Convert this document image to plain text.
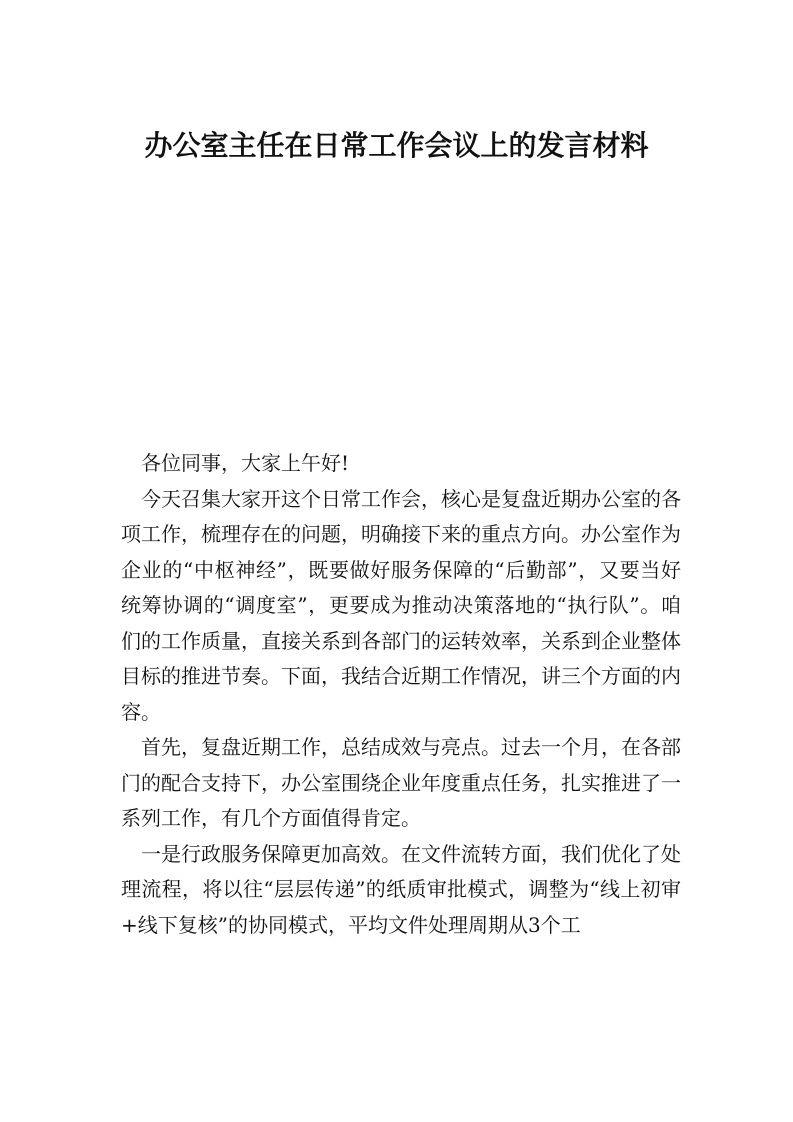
办公室主任在日常工作会议上的发言材料

各位同事，大家上午好!

今天召集大家开这个日常工作会，核心是复盘近期办公室的各项工作，梳理存在的问题，明确接下来的重点方向。办公室作为企业的“中枢神经”，既要做好服务保障的“后勤部”，又要当好统筹协调的“调度室”，更要成为推动决策落地的“执行队”。咱们的工作质量，直接关系到各部门的运转效率，关系到企业整体目标的推进节奏。下面，我结合近期工作情况，讲三个方面的内容。

首先，复盘近期工作，总结成效与亮点。过去一个月，在各部门的配合支持下，办公室围绕企业年度重点任务，扎实推进了一系列工作，有几个方面值得肯定。

一是行政服务保障更加高效。在文件流转方面，我们优化了处理流程，将以往“层层传递”的纸质审批模式，调整为“线上初审+线下复核”的协同模式，平均文件处理周期从3个工
